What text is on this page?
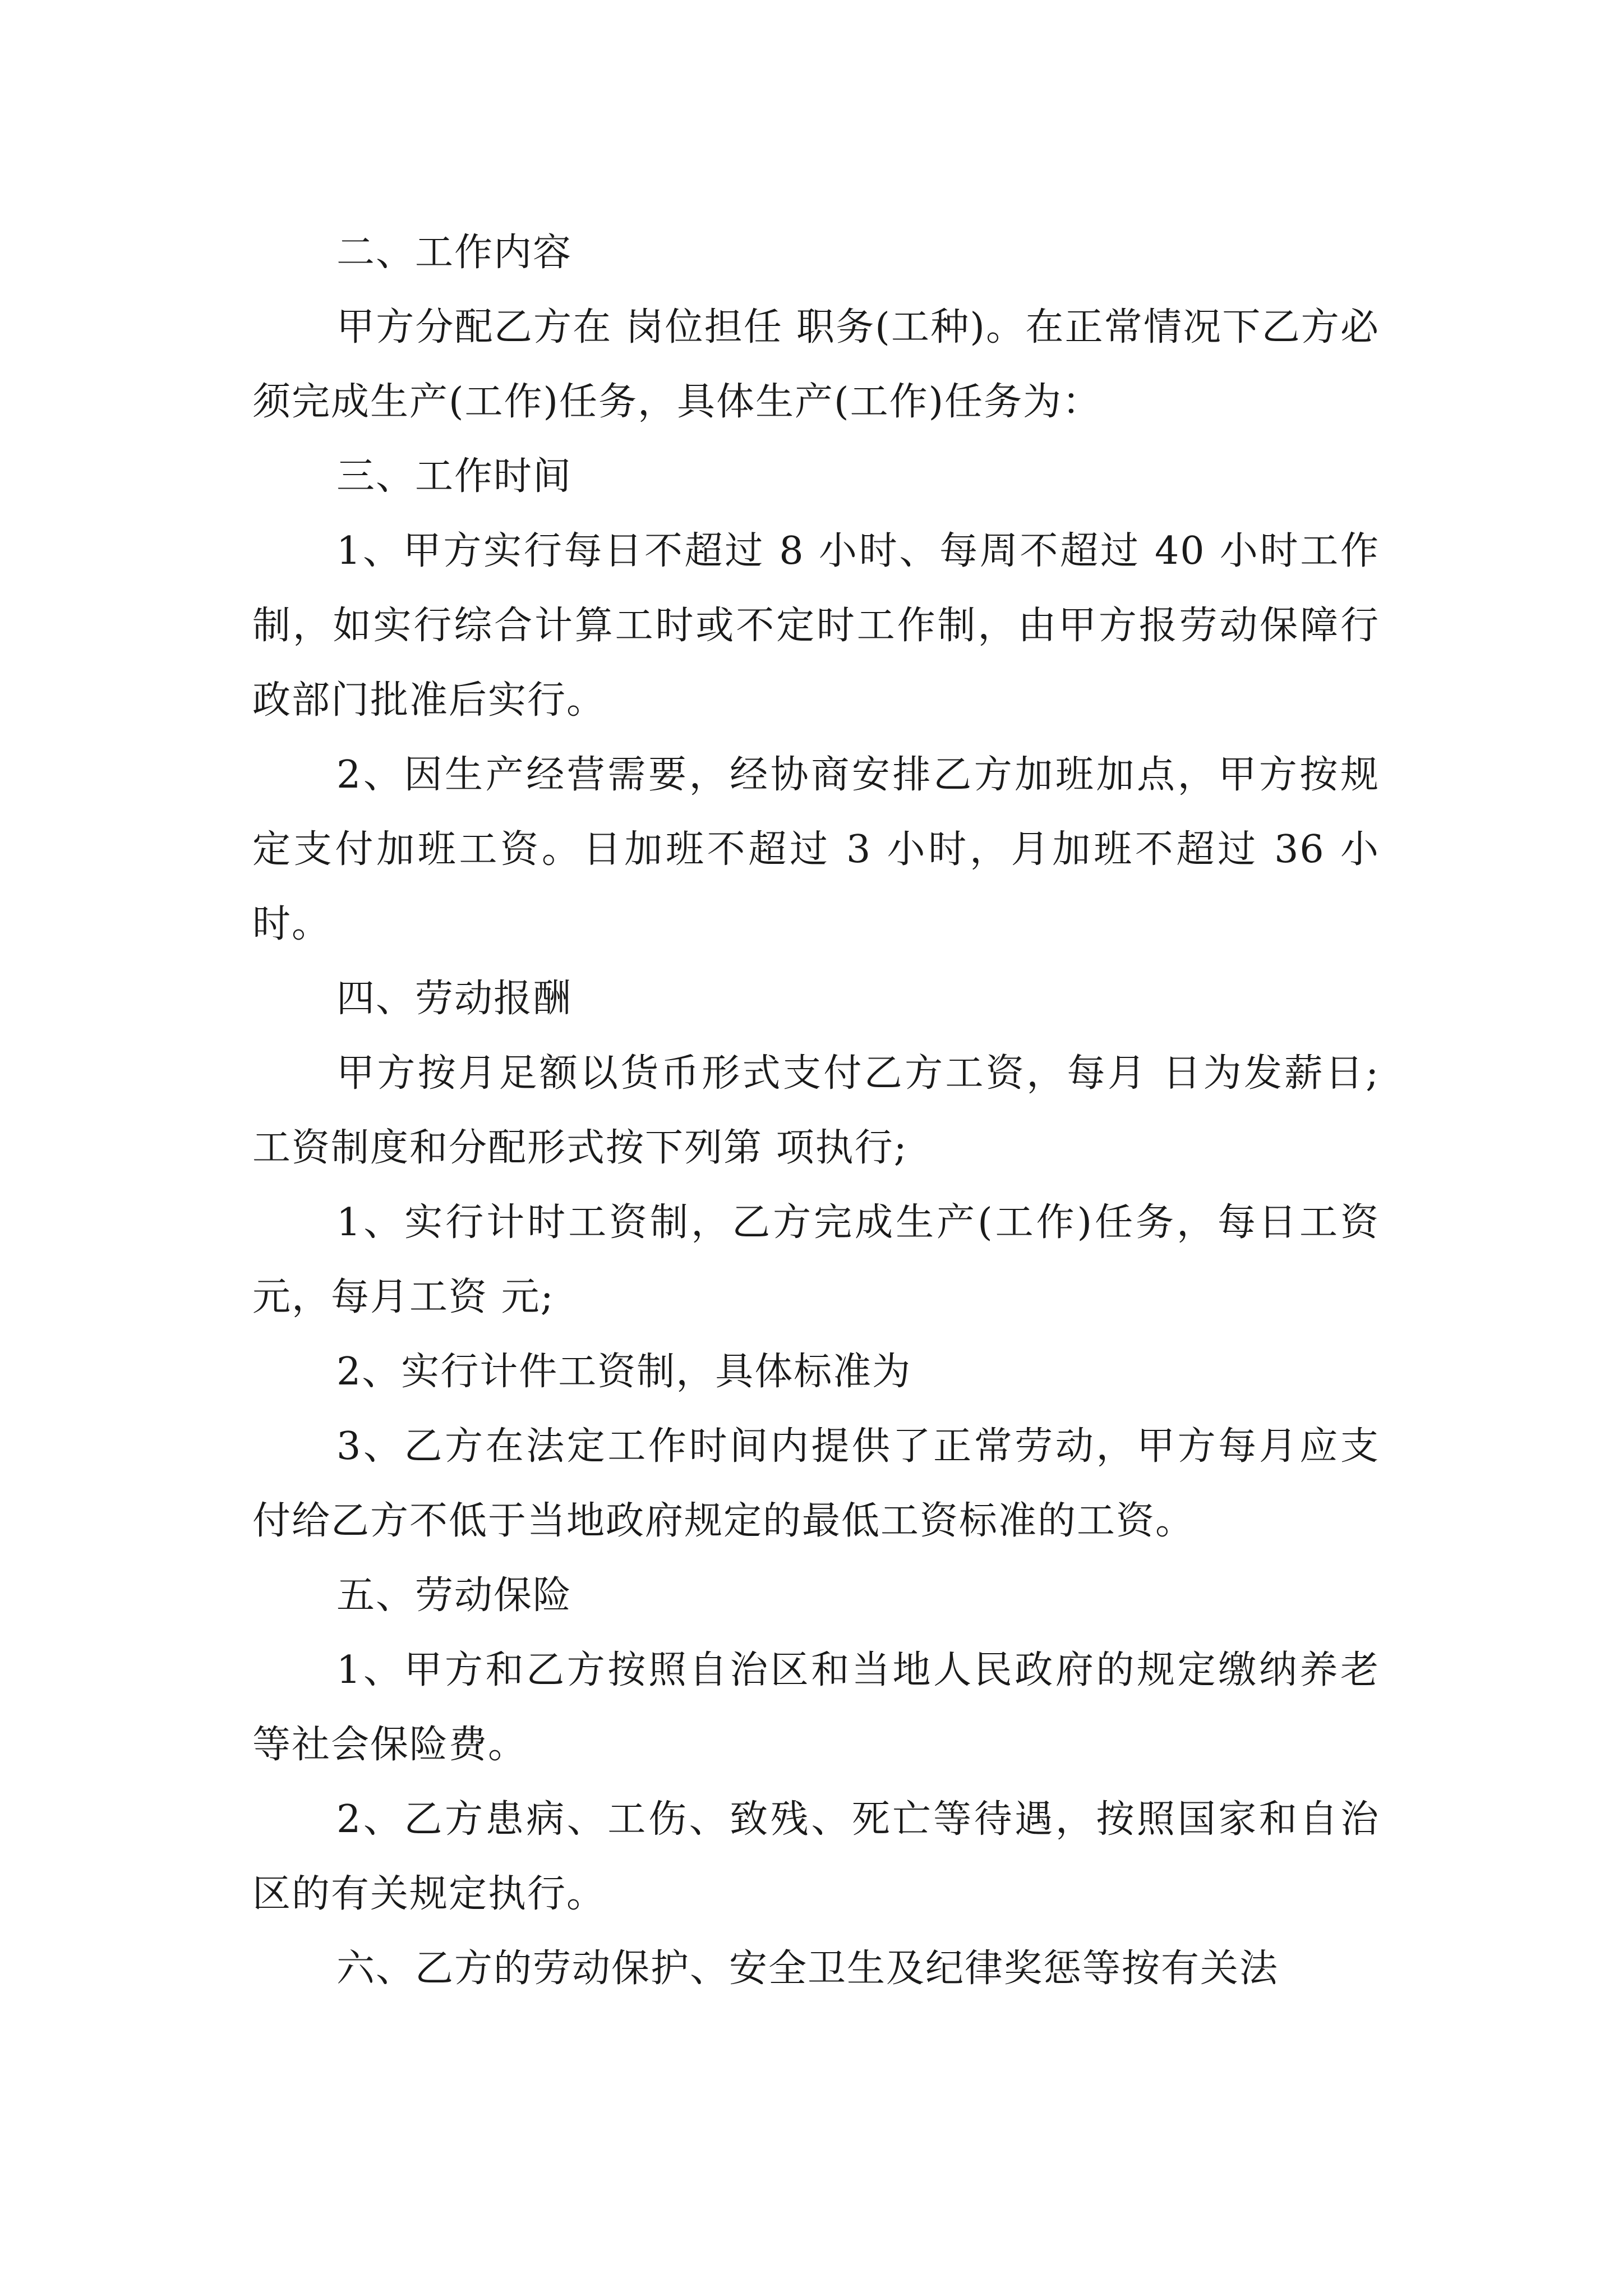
二、工作内容

甲方分配乙方在 岗位担任 职务(工种)。在正常情况下乙方必须完成生产(工作)任务，具体生产(工作)任务为：

三、工作时间

1、甲方实行每日不超过 8 小时、每周不超过 40 小时工作制，如实行综合计算工时或不定时工作制，由甲方报劳动保障行政部门批准后实行。

2、因生产经营需要，经协商安排乙方加班加点，甲方按规定支付加班工资。日加班不超过 3 小时，月加班不超过 36 小时。

四、劳动报酬

甲方按月足额以货币形式支付乙方工资，每月 日为发薪日;工资制度和分配形式按下列第 项执行;

1、实行计时工资制，乙方完成生产(工作)任务，每日工资 元，每月工资 元;

2、实行计件工资制，具体标准为

3、乙方在法定工作时间内提供了正常劳动，甲方每月应支付给乙方不低于当地政府规定的最低工资标准的工资。

五、劳动保险

1、甲方和乙方按照自治区和当地人民政府的规定缴纳养老等社会保险费。

2、乙方患病、工伤、致残、死亡等待遇，按照国家和自治区的有关规定执行。

六、乙方的劳动保护、安全卫生及纪律奖惩等按有关法
